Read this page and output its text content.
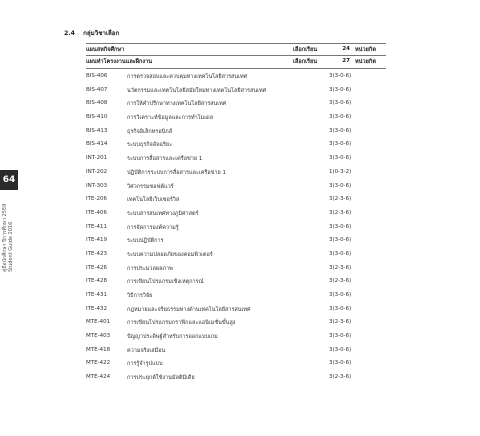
2.4 กลุ่มวิชาเลือก
แผนสหกิจศึกษา	เลือกเรียน	24 หน่วยกิต
แผนทำโครงงานและฝึกงาน	เลือกเรียน	27 หน่วยกิต
BIS-406	การตรวจสอบและควบคุมทางเทคโนโลยีสารสนเทศ	3(3-0-6)
BIS-407	นวัตกรรมและเทคโนโลยีสมัยใหม่ทางเทคโนโลยีสารสนเทศ	3(3-0-6)
BIS-408	การให้คำปรึกษาทางเทคโนโลยีสารสนเทศ	3(3-0-6)
BIS-410	การวิเคราะห์ข้อมูลและการทำโมเดล	3(3-0-6)
BIS-413	ธุรกิจอิเล็กทรอนิกส์	3(3-0-6)
BIS-414	ระบบธุรกิจอัจฉริยะ	3(3-0-6)
INT-201	ระบบการสื่อสารและเครือข่าย 1	3(3-0-6)
INT-202	ปฏิบัติการระบบการสื่อสารและเครือข่าย 1	1(0-3-2)
INT-303	วิศวกรรมซอฟต์แวร์	3(3-0-6)
ITE-206	เทคโนโลยีเว็บเซอร์วิส	3(2-3-6)
ITE-406	ระบบสารสนเทศทางภูมิศาสตร์	3(2-3-6)
ITE-411	การจัดการองค์ความรู้	3(3-0-6)
ITE-419	ระบบปฏิบัติการ	3(3-0-6)
ITE-423	ระบบความปลอดภัยของคอมพิวเตอร์	3(3-0-6)
ITE-426	การประมวลผลภาพ	3(2-3-6)
ITE-428	การเขียนโปรแกรมเชิงเหตุการณ์	3(2-3-6)
ITE-431	วิธีการวิจัย	3(3-0-6)
ITE-432	กฎหมายและจริยธรรมทางด้านเทคโนโลยีสารสนเทศ	3(3-0-6)
MTE-401	การเขียนโปรแกรมกราฟิกและแอนิเมชั่นขั้นสูง	3(2-3-6)
MTE-403	ปัญญาประดิษฐ์สำหรับการออกแบบเกม	3(3-0-6)
MTE-418	ความจริงเสมือน	3(3-0-6)
MTE-422	การรู้จำรูปแบบ	3(3-0-6)
MTE-424	การประยุกต์ใช้งานมัลติมีเดีย	3(2-3-6)
64
คู่มือนักศึกษา ปีการศึกษา 2559 Student Guide 2016
